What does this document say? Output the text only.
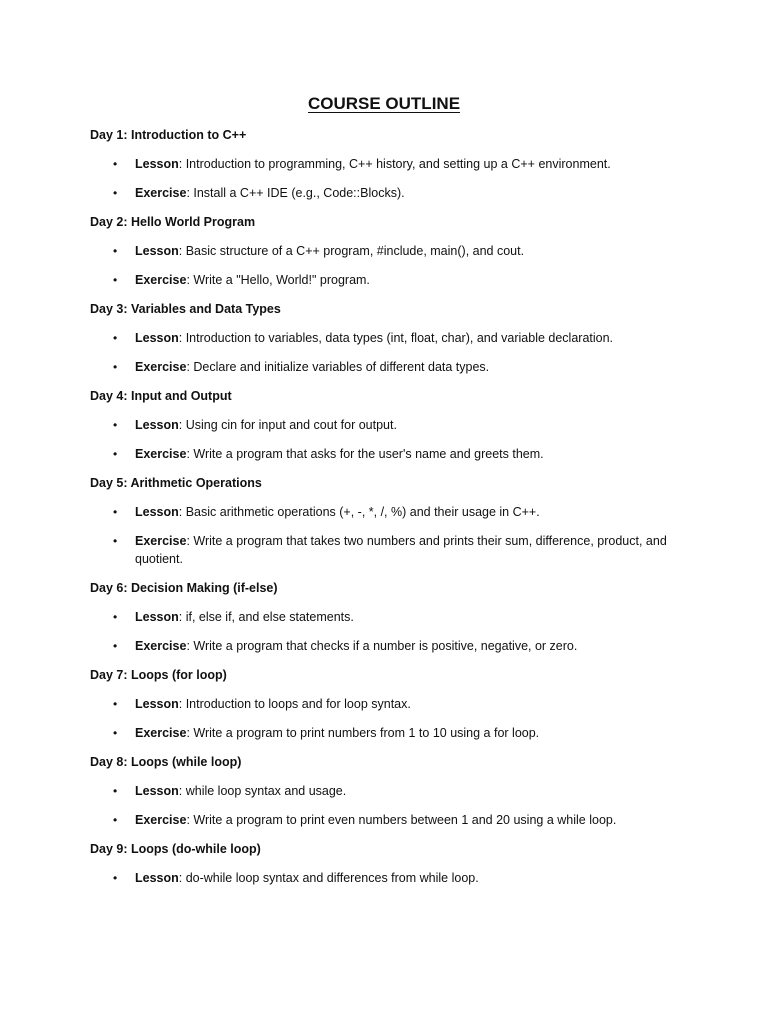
COURSE OUTLINE
Day 1: Introduction to C++
• Lesson: Introduction to programming, C++ history, and setting up a C++ environment.
• Exercise: Install a C++ IDE (e.g., Code::Blocks).
Day 2: Hello World Program
• Lesson: Basic structure of a C++ program, #include, main(), and cout.
• Exercise: Write a "Hello, World!" program.
Day 3: Variables and Data Types
• Lesson: Introduction to variables, data types (int, float, char), and variable declaration.
• Exercise: Declare and initialize variables of different data types.
Day 4: Input and Output
• Lesson: Using cin for input and cout for output.
• Exercise: Write a program that asks for the user's name and greets them.
Day 5: Arithmetic Operations
• Lesson: Basic arithmetic operations (+, -, *, /, %) and their usage in C++.
• Exercise: Write a program that takes two numbers and prints their sum, difference, product, and quotient.
Day 6: Decision Making (if-else)
• Lesson: if, else if, and else statements.
• Exercise: Write a program that checks if a number is positive, negative, or zero.
Day 7: Loops (for loop)
• Lesson: Introduction to loops and for loop syntax.
• Exercise: Write a program to print numbers from 1 to 10 using a for loop.
Day 8: Loops (while loop)
• Lesson: while loop syntax and usage.
• Exercise: Write a program to print even numbers between 1 and 20 using a while loop.
Day 9: Loops (do-while loop)
• Lesson: do-while loop syntax and differences from while loop.
